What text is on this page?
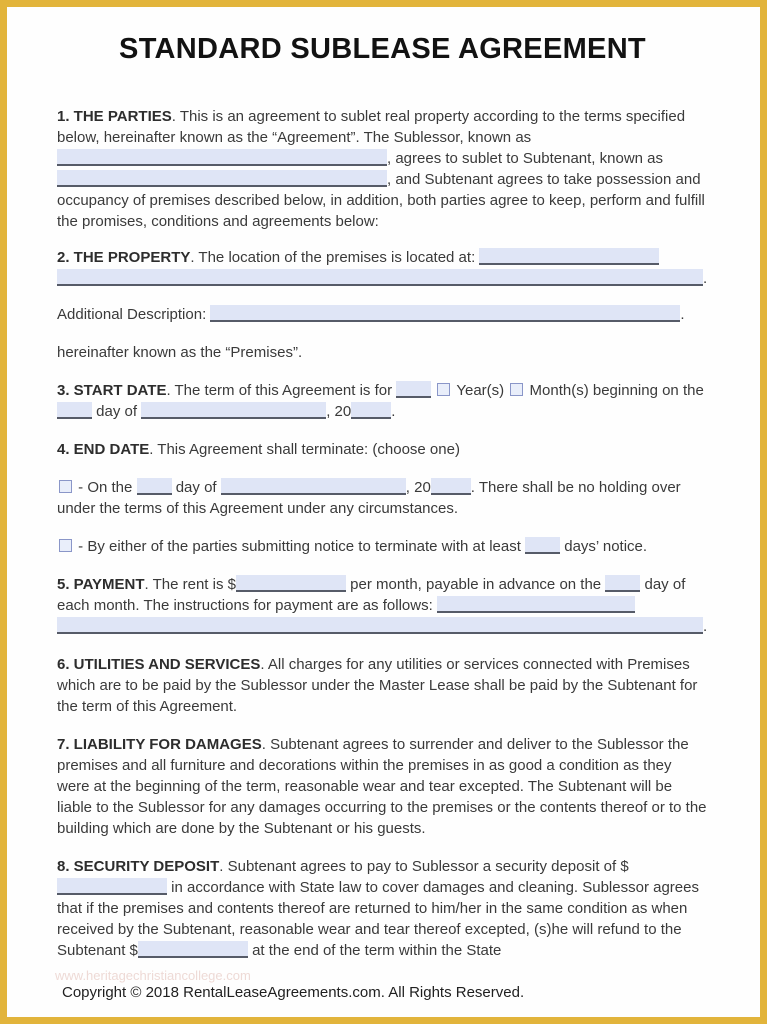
STANDARD SUBLEASE AGREEMENT

1. THE PARTIES. This is an agreement to sublet real property according to the terms specified below, hereinafter known as the “Agreement”. The Sublessor, known as , agrees to sublet to Subtenant, known as , and Subtenant agrees to take possession and occupancy of premises described below, in addition, both parties agree to keep, perform and fulfill the promises, conditions and agreements below:

2. THE PROPERTY. The location of the premises is located at:  .

Additional Description:	.

hereinafter known as the “Premises”.

3. START DATE. The term of this Agreement is for	Year(s) Month(s) beginning on the  day of	, 20	.

4. END DATE. This Agreement shall terminate: (choose one)

- On the	day of	, 20	. There shall be no holding over under the terms of this Agreement under any circumstances.

- By either of the parties submitting notice to terminate with at least	days’ notice.

5. PAYMENT. The rent is $	per month, payable in advance on the	day of each month. The instructions for payment are as follows:  .

6. UTILITIES AND SERVICES. All charges for any utilities or services connected with Premises which are to be paid by the Sublessor under the Master Lease shall be paid by the Subtenant for the term of this Agreement.

7. LIABILITY FOR DAMAGES. Subtenant agrees to surrender and deliver to the Sublessor the premises and all furniture and decorations within the premises in as good a condition as they were at the beginning of the term, reasonable wear and tear excepted. The Subtenant will be liable to the Sublessor for any damages occurring to the premises or the contents thereof or to the building which are done by the Subtenant or his guests.

8. SECURITY DEPOSIT. Subtenant agrees to pay to Sublessor a security deposit of $ in accordance with State law to cover damages and cleaning. Sublessor agrees that if the premises and contents thereof are returned to him/her in the same condition as when received by the Subtenant, reasonable wear and tear thereof excepted, (s)he will refund to the Subtenant $	at the end of the term within the State

www.heritagechristiancollege.com
Copyright © 2018 RentalLeaseAgreements.com. All Rights Reserved.
